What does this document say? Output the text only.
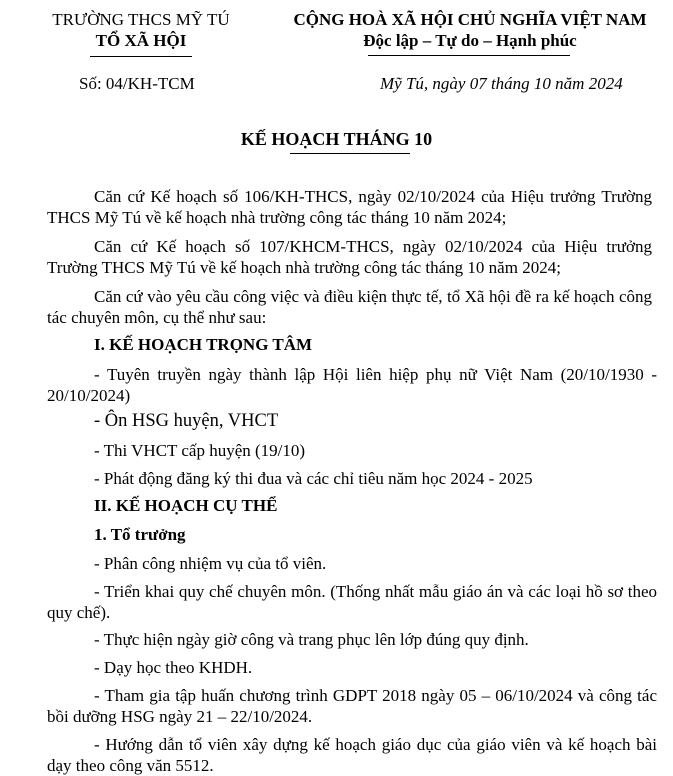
TRƯỜNG THCS MỸ TÚ
TỔ XÃ HỘI
CỘNG HOÀ XÃ HỘI CHỦ NGHĨA VIỆT NAM
Độc lập – Tự do – Hạnh phúc
Số: 04/KH-TCM	Mỹ Tú, ngày 07 tháng 10 năm 2024
KẾ HOẠCH THÁNG 10
Căn cứ Kế hoạch số 106/KH-THCS, ngày 02/10/2024 của Hiệu trưởng Trường THCS Mỹ Tú về kế hoạch nhà trường công tác tháng 10 năm 2024;
Căn cứ Kế hoạch số 107/KHCM-THCS, ngày 02/10/2024 của Hiệu trưởng Trường THCS Mỹ Tú về kế hoạch nhà trường công tác tháng 10 năm 2024;
Căn cứ vào yêu cầu công việc và điều kiện thực tế, tổ Xã hội đề ra kế hoạch công tác chuyên môn, cụ thể như sau:
I. KẾ HOẠCH TRỌNG TÂM
- Tuyên truyền ngày thành lập Hội liên hiệp phụ nữ Việt Nam (20/10/1930 - 20/10/2024)
- Ôn HSG huyện, VHCT
- Thi VHCT cấp huyện (19/10)
- Phát động đăng ký thi đua và các chỉ tiêu năm học 2024 - 2025
II. KẾ HOẠCH CỤ THỂ
1. Tổ trưởng
- Phân công nhiệm vụ của tổ viên.
- Triển khai quy chế chuyên môn. (Thống nhất mẫu giáo án và các loại hồ sơ theo quy chế).
- Thực hiện ngày giờ công và trang phục lên lớp đúng quy định.
- Dạy học theo KHDH.
- Tham gia tập huấn chương trình GDPT 2018 ngày 05 – 06/10/2024 và công tác bồi dưỡng HSG ngày 21 – 22/10/2024.
- Hướng dẫn tổ viên xây dựng kế hoạch giáo dục của giáo viên và kế hoạch bài dạy theo công văn 5512.
